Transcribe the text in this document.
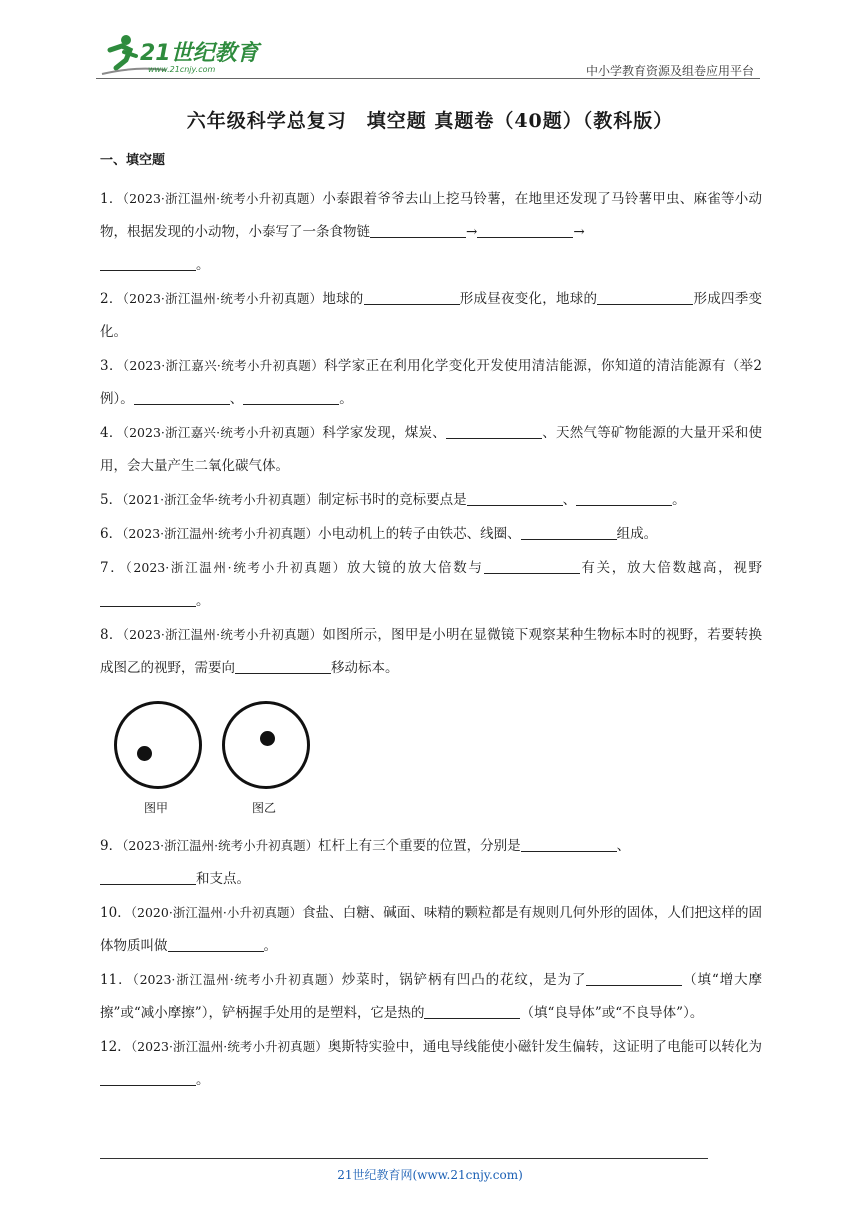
21世纪教育
www.21cnjy.com	中小学教育资源及组卷应用平台
六年级科学总复习　填空题 真题卷（40题）（教科版）
一、填空题
1．（2023·浙江温州·统考小升初真题）小泰跟着爷爷去山上挖马铃薯，在地里还发现了马铃薯甲虫、麻雀等小动物，根据发现的小动物，小泰写了一条食物链	→	→
。
2．（2023·浙江温州·统考小升初真题）地球的	形成昼夜变化，地球的	形成四季变化。
3．（2023·浙江嘉兴·统考小升初真题）科学家正在利用化学变化开发使用清洁能源，你知道的清洁能源有（举2例）。	、	。
4．（2023·浙江嘉兴·统考小升初真题）科学家发现，煤炭、	、天然气等矿物能源的大量开采和使用，会大量产生二氧化碳气体。
5．（2021·浙江金华·统考小升初真题）制定标书时的竞标要点是	、	。
6．（2023·浙江温州·统考小升初真题）小电动机上的转子由铁芯、线圈、	组成。
7．（2023·浙江温州·统考小升初真题）放大镜的放大倍数与	有关，放大倍数越高，视野。
8．（2023·浙江温州·统考小升初真题）如图所示，图甲是小明在显微镜下观察某种生物标本时的视野，若要转换成图乙的视野，需要向	移动标本。
图甲	图乙
9．（2023·浙江温州·统考小升初真题）杠杆上有三个重要的位置，分别是	、
和支点。
10．（2020·浙江温州·小升初真题）食盐、白糖、碱面、味精的颗粒都是有规则几何外形的固体，人们把这样的固体物质叫做	。
11．（2023·浙江温州·统考小升初真题）炒菜时，锅铲柄有凹凸的花纹，是为了	（填“增大摩擦”或“减小摩擦”），铲柄握手处用的是塑料，它是热的	（填“良导体”或“不良导体”）。
12．（2023·浙江温州·统考小升初真题）奥斯特实验中，通电导线能使小磁针发生偏转，这证明了电能可以转化为。
21世纪教育网(www.21cnjy.com)
